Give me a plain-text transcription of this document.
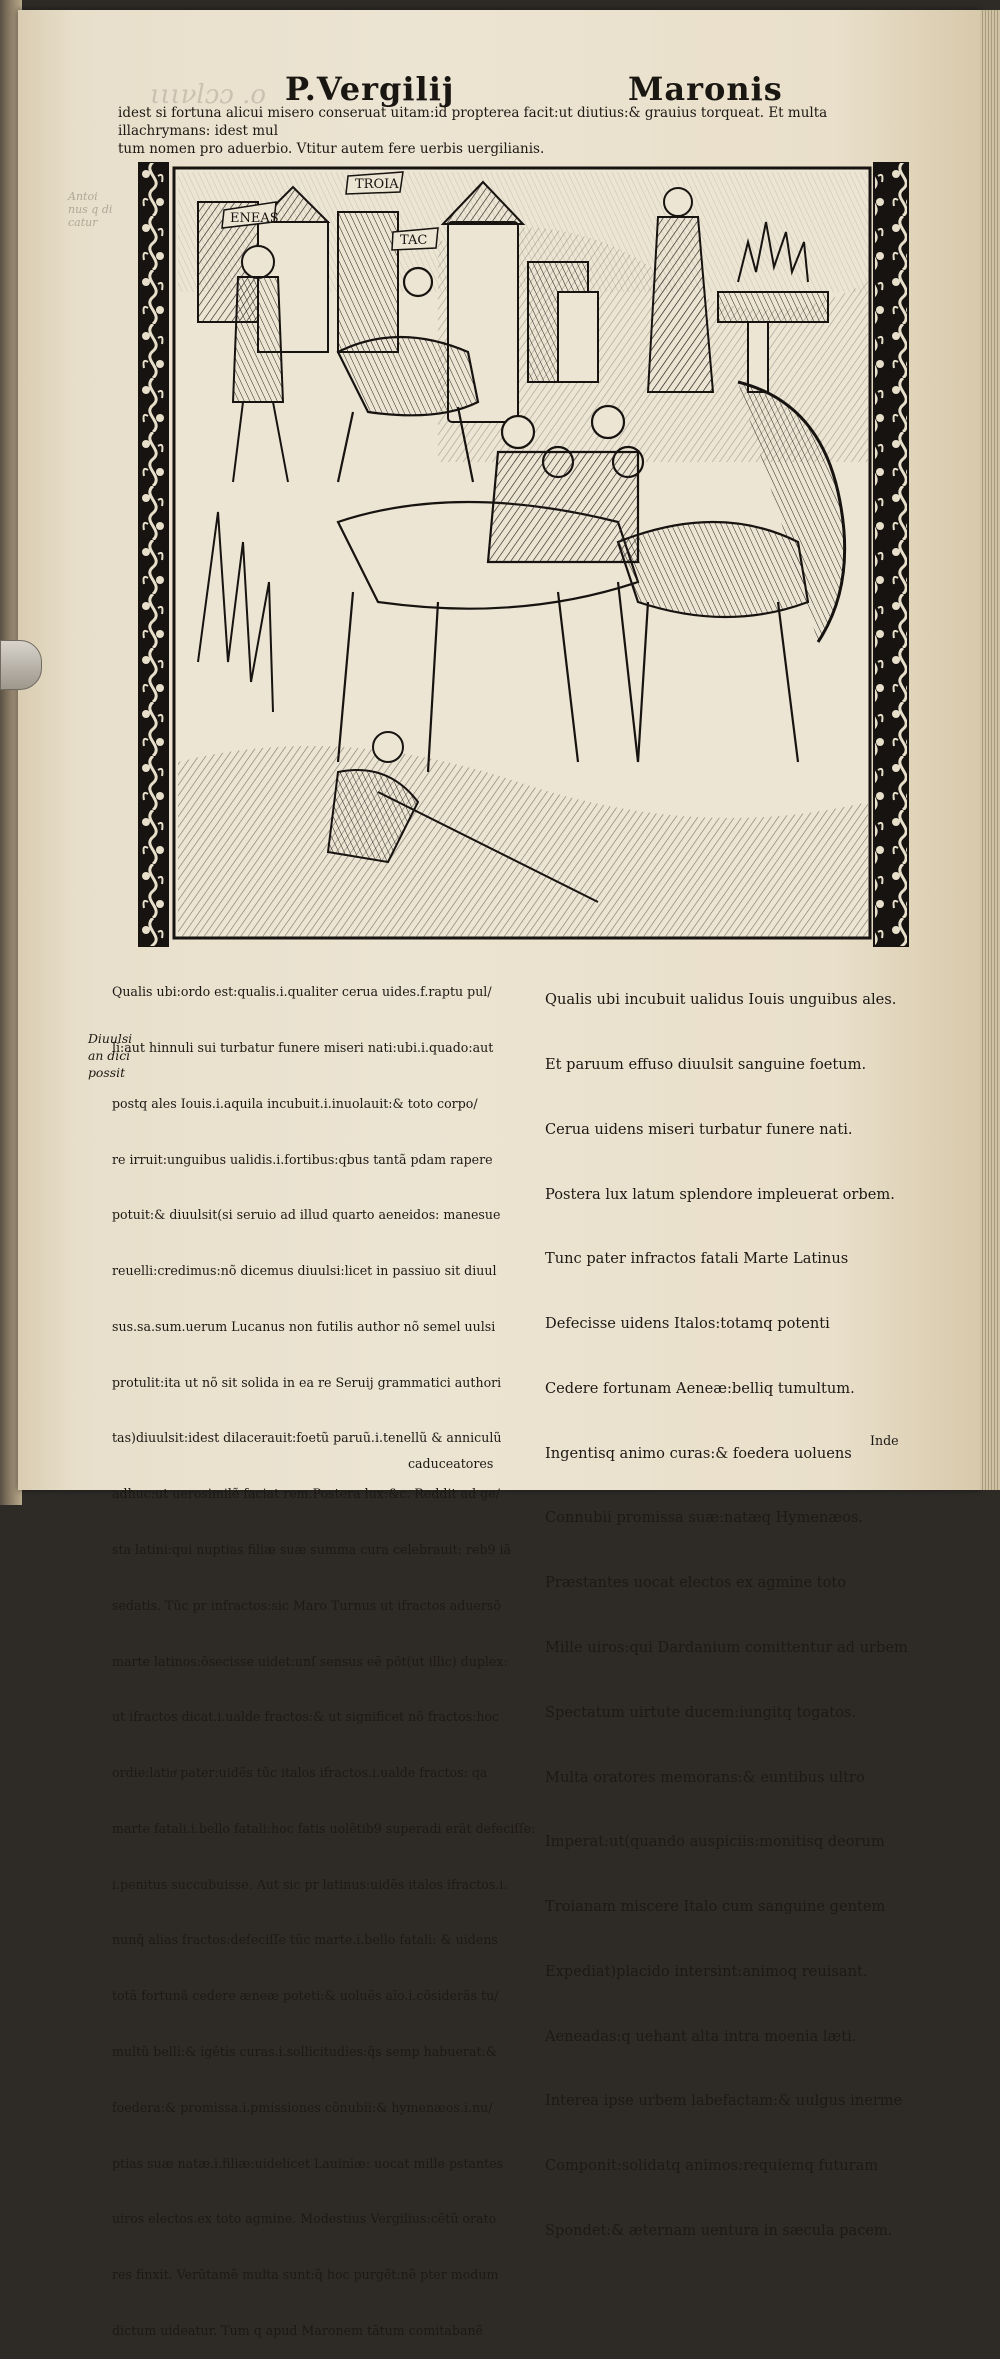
ιιινlɔɔ .o
Antoi
nus q di
catur
P.Vergilij	Maronis
idest si fortuna alicui misero conseruat uitam:id propterea facit:ut diutius:& grauius torqueat. Et multa illachrymans: idest mul
tum nomen pro aduerbio. Vtitur autem fere uerbis uergilianis.
TROIA
ENEAS
TAC

Qualis ubi:ordo est:qualis.i.qualiter cerua uides.f.raptu pul/

li:aut hinnuli sui turbatur funere miseri nati:ubi.i.quado:aut

postq ales Iouis.i.aquila incubuit.i.inuolauit:& toto corpo/

re irruit:unguibus ualidis.i.fortibus:qbus tantã pdam rapere

potuit:& diuulsit(si seruio ad illud quarto aeneidos: manesue

reuelli:credimus:nõ dicemus diuulsi:licet in passiuo sit diuul

sus.sa.sum.uerum Lucanus non futilis author nõ semel uulsi

protulit:ita ut nõ sit solida in ea re Seruij grammatici authori

tas)diuulsit:idest dilacerauit:foetũ paruũ.i.tenellũ & anniculũ

adhuc:ut uerosimilẽ faciat rem.Postera lux:&c. Reddit ad ge/

sta latini:qui nuptias filiæ suæ summa cura celebrauit: reb9 iã

sedatis. Tũc pr infractos:sic Maro Turnus ut ifractos aduersõ

marte latinos:õsecisse uidet:unſ sensus eẽ põt(ut illic) duplex:

ut ifractos dicat.i.ualde fractos:& ut significet nõ fractos:hoc

ordie:latinͤ pater:uidẽs tũc italos ifractos.i.ualde fractos: qa

marte fatali.i.bello fatali:hoc fatis uolẽtib9 superadi erãt defeciſſe:

i.penitus succubuisse. Aut sic pr latinus:uidẽs italos ifractos.i.

nunq̃ alias fractos:defeciſſe tũc marte.i.bello fatali: & uidens

totã fortunã cedere æneæ poteti:& uoluẽs aĩo.i.cõsiderãs tu/

multũ belli:& igẽtis curas.i.sollicitudies:q̃s semp habuerat:&

foedera:& promissa.i.pmissiones cõnubii:& hymenæos.i.nu/

ptias suæ natæ.i.filiæ:uidelicet Lauiniæ: uocat mille pstantes

uiros electos.ex toto agmine. Modestius Vergilius:cẽtũ orato

res finxit. Verũtamẽ multa sunt:q̃ hoc purgẽt:nẽ pter modum

dictum uideatur. Tum q apud Maronem tãtum comitabanẽ

caduceatores
Diuulsi
an dici
possit

Qualis ubi incubuit ualidus Iouis unguibus ales.

Et paruum effuso diuulsit sanguine foetum.

Cerua uidens miseri turbatur funere nati.

Postera lux latum splendore impleuerat orbem.

Tunc pater infractos fatali Marte Latinus

Defecisse uidens Italos:totamq potenti

Cedere fortunam Aeneæ:belliq tumultum.

Ingentisq animo curas:& foedera uoluens

Connubii promissa suæ:natæq Hymenæos.

Præstantes uocat electos ex agmine toto

Mille uiros:qui Dardanium comittentur ad urbem

Spectatum uirtute ducem:iungitq togatos.

Multa oratores memorans:& euntibus ultro

Imperat:ut(quando auspiciis:monitisq deorum

Troianam miscere Italo cum sanguine gentem

Expediat)placido intersint:animoq reuisant.

Aeneadas:q uehant alta intra moenia læti.

Interea ipse urbem labefactam:& uulgus inerme

Componit:solidatq animos:requiemq futuram

Spondet:& æternam uentura in sæcula pacem.

Inde
